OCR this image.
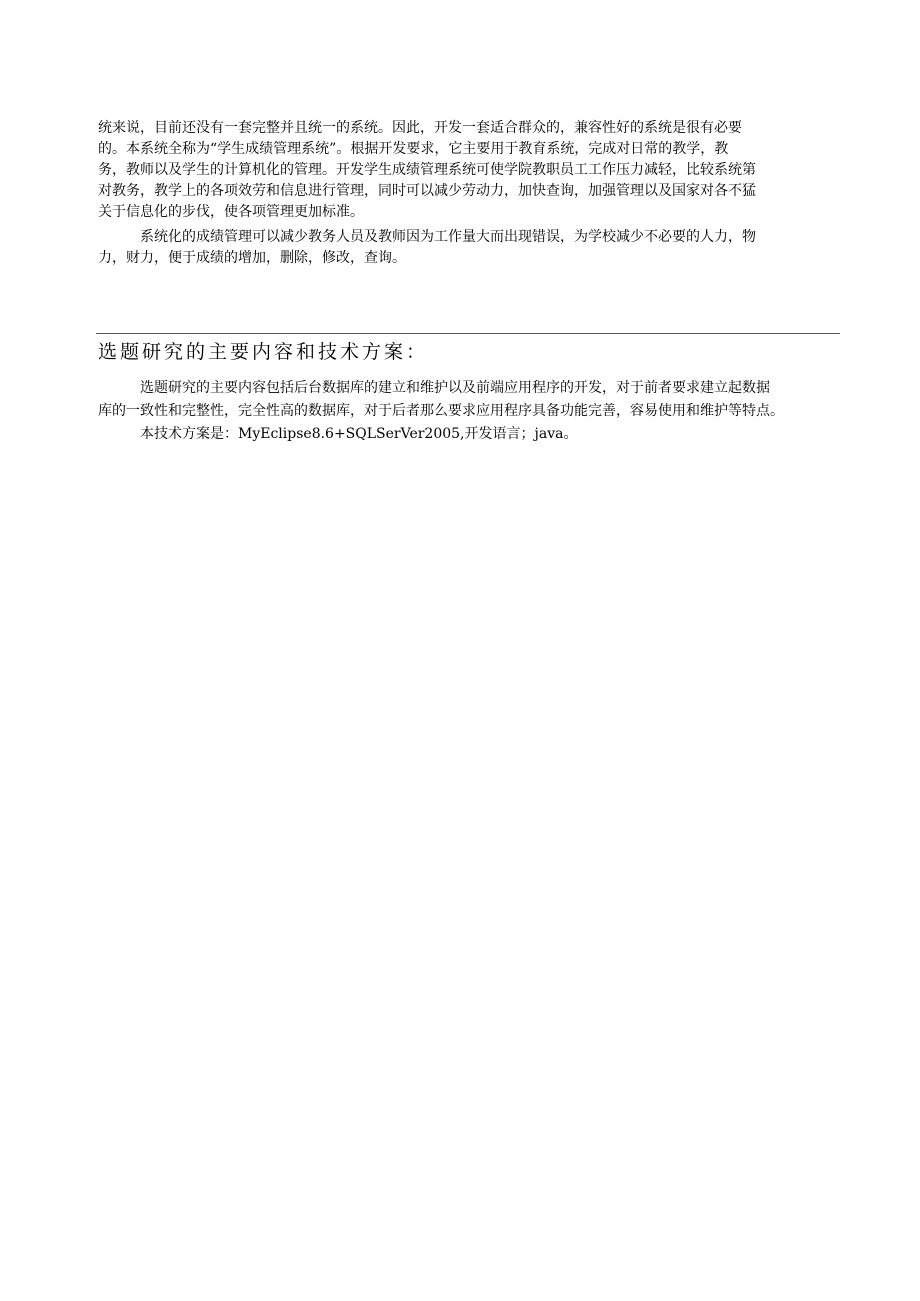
统来说，目前还没有一套完整并且统一的系统。因此，开发一套适合群众的，兼容性好的系统是很有必要
的。本系统全称为“学生成绩管理系统”。根据开发要求，它主要用于教育系统，完成对日常的教学，教
务，教师以及学生的计算机化的管理。开发学生成绩管理系统可使学院教职员工工作压力减轻，比较系统第
对教务，教学上的各项效劳和信息进行管理，同时可以减少劳动力，加快查询，加强管理以及国家对各不猛
关于信息化的步伐，使各项管理更加标准。
系统化的成绩管理可以减少教务人员及教师因为工作量大而出现错误，为学校减少不必要的人力，物
力，财力，便于成绩的增加，删除，修改，查询。
选题研究的主要内容和技术方案：
选题研究的主要内容包括后台数据库的建立和维护以及前端应用程序的开发，对于前者要求建立起数据
库的一致性和完整性，完全性高的数据库，对于后者那么要求应用程序具备功能完善，容易使用和维护等特点。
本技术方案是：MyEclipse8.6+SQLSerVer2005,开发语言；java。
